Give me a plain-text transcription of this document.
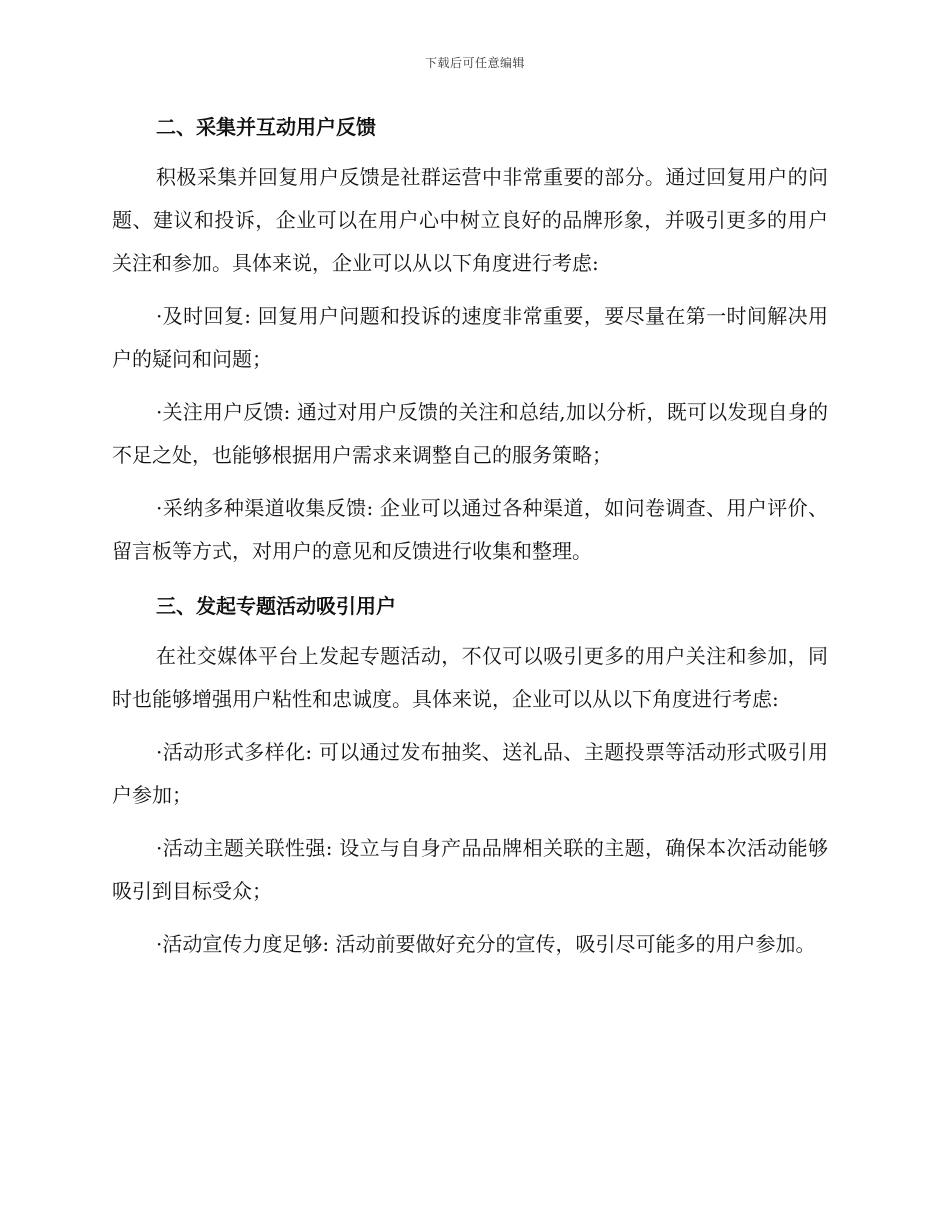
下载后可任意编辑
二、采集并互动用户反馈

积极采集并回复用户反馈是社群运营中非常重要的部分。通过回复用户的问题、建议和投诉，企业可以在用户心中树立良好的品牌形象，并吸引更多的用户关注和参加。具体来说，企业可以从以下角度进行考虑:

·及时回复: 回复用户问题和投诉的速度非常重要，要尽量在第一时间解决用户的疑问和问题；

·关注用户反馈: 通过对用户反馈的关注和总结,加以分析，既可以发现自身的不足之处，也能够根据用户需求来调整自己的服务策略；

·采纳多种渠道收集反馈: 企业可以通过各种渠道，如问卷调查、用户评价、留言板等方式，对用户的意见和反馈进行收集和整理。

三、发起专题活动吸引用户

在社交媒体平台上发起专题活动，不仅可以吸引更多的用户关注和参加，同时也能够增强用户粘性和忠诚度。具体来说，企业可以从以下角度进行考虑:

·活动形式多样化: 可以通过发布抽奖、送礼品、主题投票等活动形式吸引用户参加；

·活动主题关联性强: 设立与自身产品品牌相关联的主题，确保本次活动能够吸引到目标受众；

·活动宣传力度足够: 活动前要做好充分的宣传，吸引尽可能多的用户参加。
